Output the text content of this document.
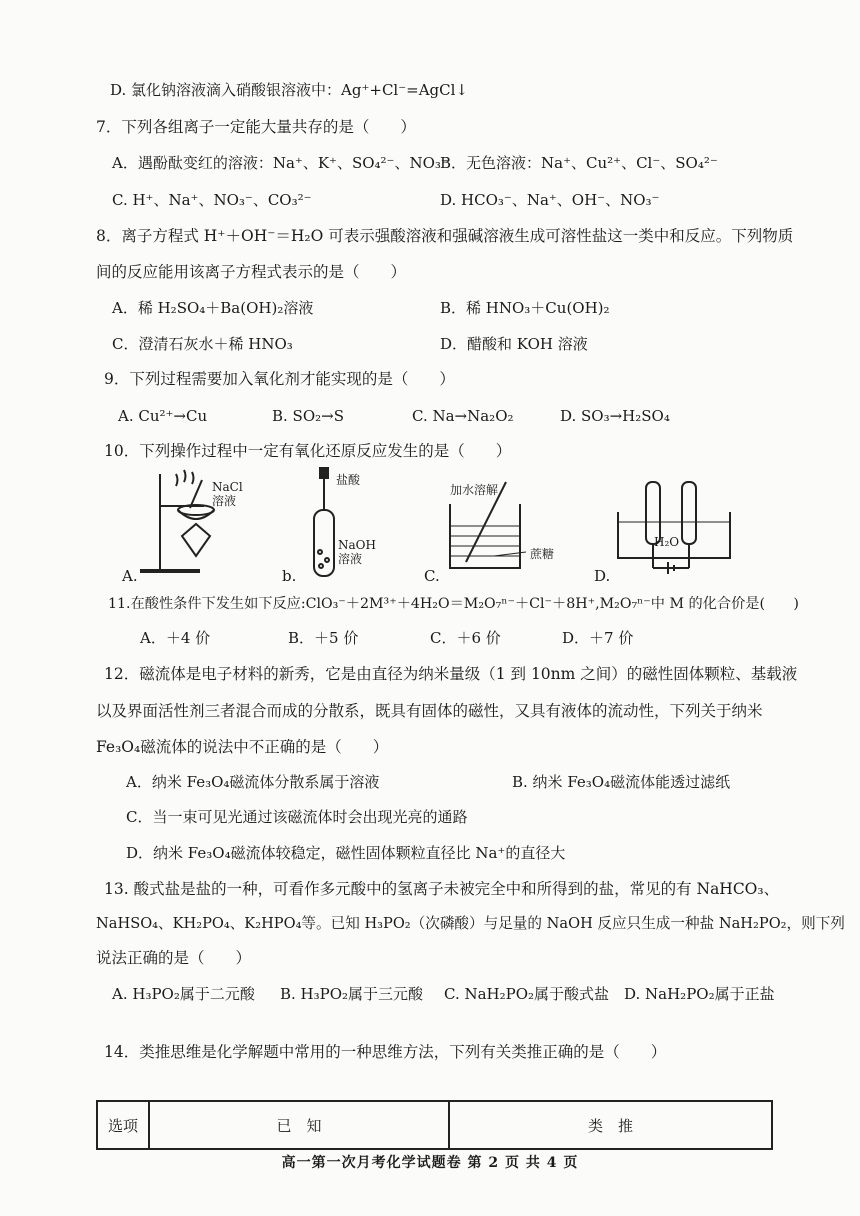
D. 氯化钠溶液滴入硝酸银溶液中：Ag⁺+Cl⁻=AgCl↓
7．下列各组离子一定能大量共存的是（　　）
A．遇酚酞变红的溶液：Na⁺、K⁺、SO₄²⁻、NO₃⁻
B．无色溶液：Na⁺、Cu²⁺、Cl⁻、SO₄²⁻
C. H⁺、Na⁺、NO₃⁻、CO₃²⁻	D. HCO₃⁻、Na⁺、OH⁻、NO₃⁻
8．离子方程式 H⁺＋OH⁻＝H₂O 可表示强酸溶液和强碱溶液生成可溶性盐这一类中和反应。下列物质
间的反应能用该离子方程式表示的是（　　）
A．稀 H₂SO₄＋Ba(OH)₂溶液	B．稀 HNO₃＋Cu(OH)₂
C．澄清石灰水＋稀 HNO₃	D．醋酸和 KOH 溶液
9．下列过程需要加入氧化剂才能实现的是（　　）
A. Cu²⁺→Cu	B. SO₂→S	C. Na→Na₂O₂	D. SO₃→H₂SO₄
10．下列操作过程中一定有氧化还原反应发生的是（　　）
NaCl
溶液
A.
盐酸
NaOH
溶液
b.
加水溶解
蔗糖
C.
H₂O
D.
11.在酸性条件下发生如下反应:ClO₃⁻＋2M³⁺＋4H₂O＝M₂O₇ⁿ⁻＋Cl⁻＋8H⁺,M₂O₇ⁿ⁻中 M 的化合价是(　　)
A．＋4 价	B．＋5 价	C．＋6 价	D．＋7 价
12．磁流体是电子材料的新秀，它是由直径为纳米量级（1 到 10nm 之间）的磁性固体颗粒、基载液
以及界面活性剂三者混合而成的分散系，既具有固体的磁性，又具有液体的流动性，下列关于纳米
Fe₃O₄磁流体的说法中不正确的是（　　）
A．纳米 Fe₃O₄磁流体分散系属于溶液	B. 纳米 Fe₃O₄磁流体能透过滤纸
C．当一束可见光通过该磁流体时会出现光亮的通路
D．纳米 Fe₃O₄磁流体较稳定，磁性固体颗粒直径比 Na⁺的直径大
13. 酸式盐是盐的一种，可看作多元酸中的氢离子未被完全中和所得到的盐，常见的有 NaHCO₃、
NaHSO₄、KH₂PO₄、K₂HPO₄等。已知 H₃PO₂（次磷酸）与足量的 NaOH 反应只生成一种盐 NaH₂PO₂，则下列
说法正确的是（　　）
A. H₃PO₂属于二元酸 B. H₃PO₂属于三元酸 C. NaH₂PO₂属于酸式盐 D. NaH₂PO₂属于正盐
14．类推思维是化学解题中常用的一种思维方法，下列有关类推正确的是（　　）
选项	已　知	类　推
高一第一次月考化学试题卷 第 2 页 共 4 页
